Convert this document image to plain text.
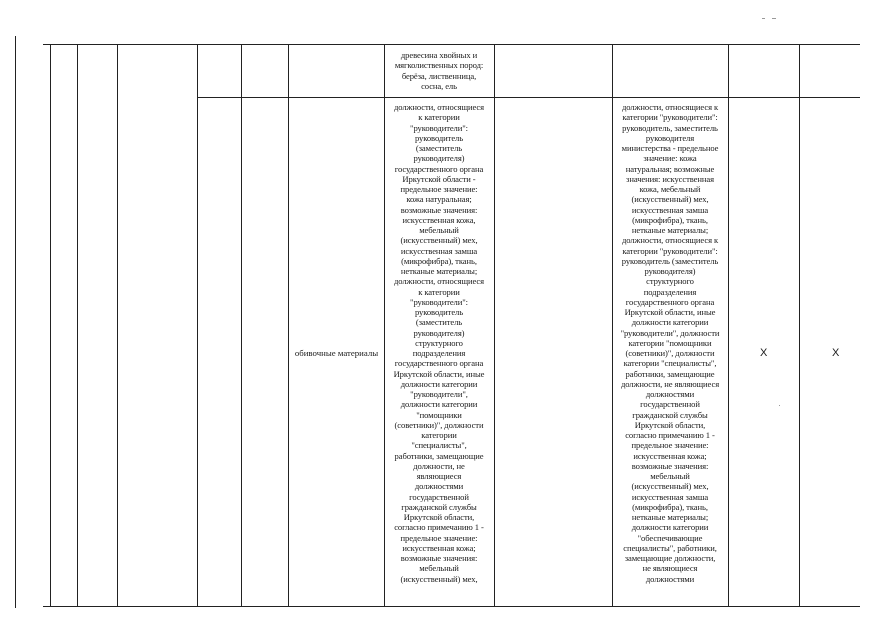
древесина хвойных и
мягколиственных пород:
берёза, лиственница,
сосна, ель
обивочные материалы
должности, относящиеся
к категории
"руководители":
руководитель
(заместитель
руководителя)
государственного органа
Иркутской области -
предельное значение:
кожа натуральная;
возможные значения:
искусственная кожа,
мебельный
(искусственный) мех,
искусственная замша
(микрофибра), ткань,
нетканые материалы;
должности, относящиеся
к категории
"руководители":
руководитель
(заместитель
руководителя)
структурного
подразделения
государственного органа
Иркутской области, иные
должности категории
"руководители",
должности категории
"помощники
(советники)", должности
категории
"специалисты",
работники, замещающие
должности, не
являющиеся
должностями
государственной
гражданской службы
Иркутской области,
согласно примечанию 1 -
предельное значение:
искусственная кожа;
возможные значения:
мебельный
(искусственный) мех,
должности, относящиеся к
категории "руководители":
руководитель, заместитель
руководителя
министерства - предельное
значение: кожа
натуральная; возможные
значения: искусственная
кожа, мебельный
(искусственный) мех,
искусственная замша
(микрофибра), ткань,
нетканые материалы;
должности, относящиеся к
категории "руководители":
руководитель (заместитель
руководителя)
структурного
подразделения
государственного органа
Иркутской области, иные
должности категории
"руководители", должности
категории "помощники
(советники)", должности
категории "специалисты",
работники, замещающие
должности, не являющиеся
должностями
государственной
гражданской службы
Иркутской области,
согласно примечанию 1 -
предельное значение:
искусственная кожа;
возможные значения:
мебельный
(искусственный) мех,
искусственная замша
(микрофибра), ткань,
нетканые материалы;
должности категории
"обеспечивающие
специалисты", работники,
замещающие должности,
не являющиеся
должностями
Х	Х
